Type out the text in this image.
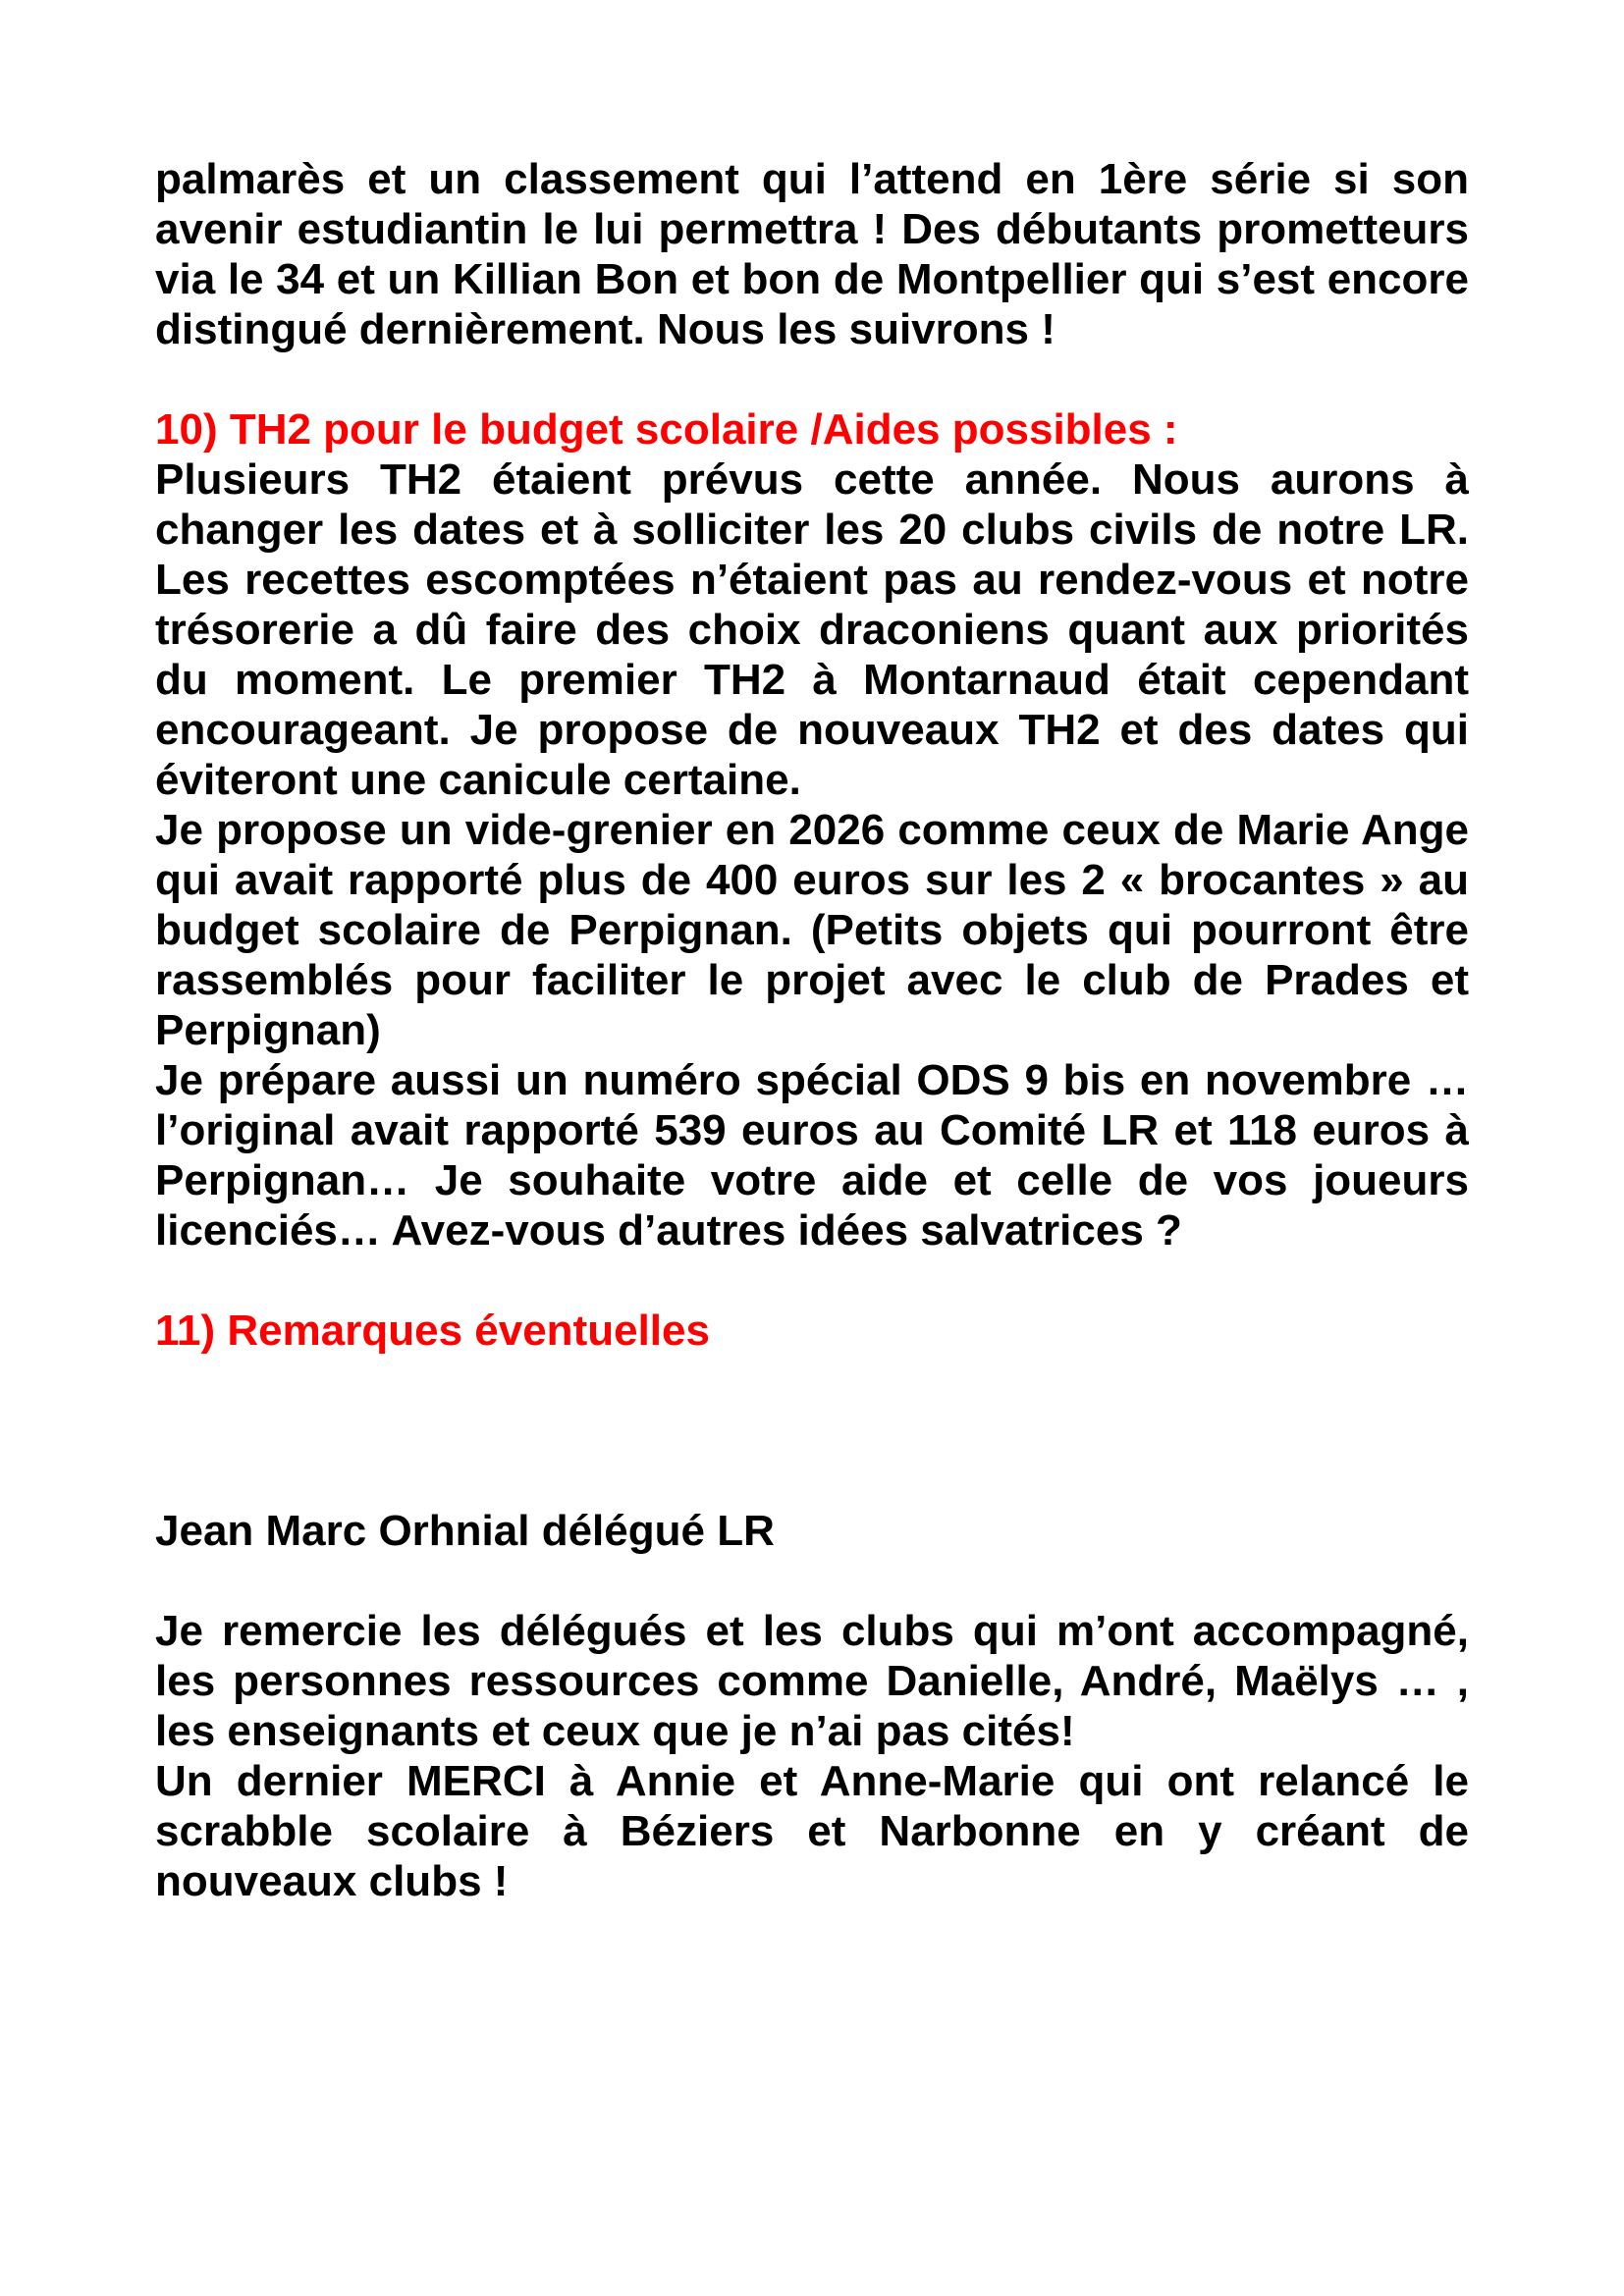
palmarès et un classement qui l’attend en 1ère série si son avenir estudiantin le lui permettra ! Des débutants prometteurs via le 34 et un Killian Bon et bon de Montpellier qui s’est encore distingué dernièrement. Nous les suivrons !

10) TH2 pour le budget scolaire /Aides possibles :

Plusieurs TH2 étaient prévus cette année. Nous aurons à changer les dates et à solliciter les 20 clubs civils de notre LR. Les recettes escomptées n’étaient pas au rendez-vous et notre trésorerie a dû faire des choix draconiens quant aux priorités du moment. Le premier TH2 à Montarnaud était cependant encourageant. Je propose de nouveaux TH2 et des dates qui éviteront une canicule certaine.

Je propose un vide-grenier en 2026 comme ceux de Marie Ange qui avait rapporté plus de 400 euros sur les 2 « brocantes » au budget scolaire de Perpignan. (Petits objets qui pourront être rassemblés pour faciliter le projet avec le club de Prades et Perpignan)

Je prépare aussi un numéro spécial ODS 9 bis en novembre …l’original avait rapporté 539 euros au Comité LR et 118 euros à Perpignan… Je souhaite votre aide et celle de vos joueurs licenciés… Avez-vous d’autres idées salvatrices ?

11) Remarques éventuelles

Jean Marc Orhnial délégué LR

Je remercie les délégués et les clubs qui m’ont accompagné, les personnes ressources comme Danielle, André, Maëlys … , les enseignants et ceux que je n’ai pas cités!

Un dernier MERCI à Annie et Anne-Marie qui ont relancé le scrabble scolaire à Béziers et Narbonne en y créant de nouveaux clubs !
